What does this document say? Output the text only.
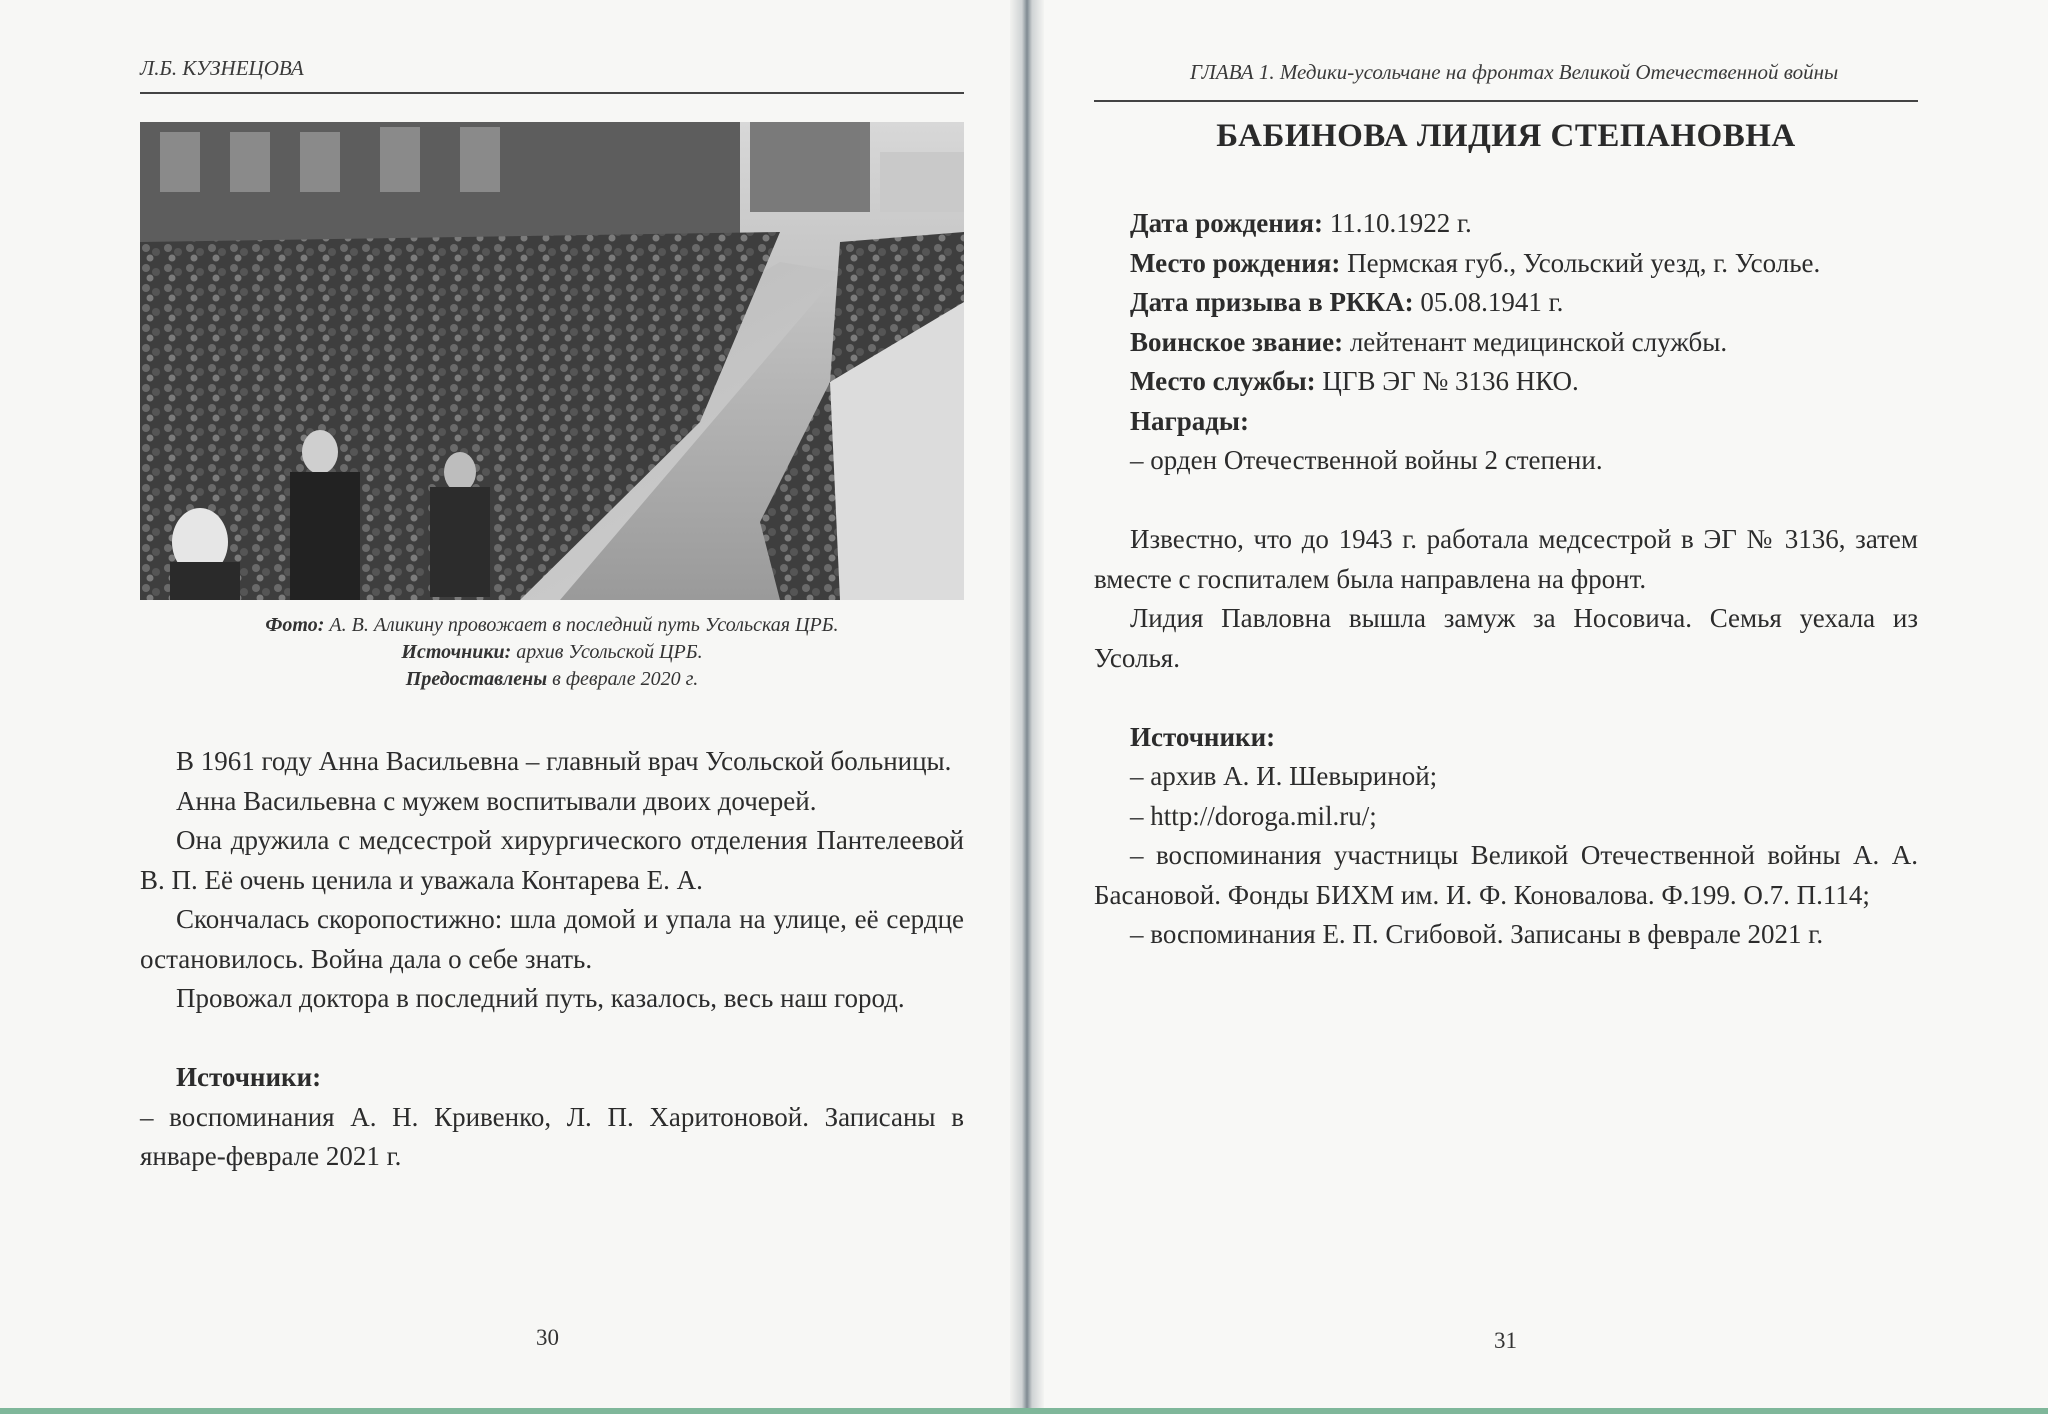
Л.Б. КУЗНЕЦОВА
Фото: А. В. Аликину провожает в последний путь Усольская ЦРБ.
Источники: архив Усольской ЦРБ.
Предоставлены в феврале 2020 г.

В 1961 году Анна Васильевна – главный врач Усольской больницы.

Анна Васильевна с мужем воспитывали двоих дочерей.

Она дружила с медсестрой хирургического отделения Пантелеевой В. П. Её очень ценила и уважала Контарева Е. А.

Скончалась скоропостижно: шла домой и упала на улице, её сердце остановилось. Война дала о себе знать.

Провожал доктора в последний путь, казалось, весь наш город.

Источники:

– воспоминания А. Н. Кривенко, Л. П. Харитоновой. Записаны в январе-феврале 2021 г.

30
ГЛАВА 1. Медики-усольчане на фронтах Великой Отечественной войны
БАБИНОВА ЛИДИЯ СТЕПАНОВНА

Дата рождения: 11.10.1922 г.

Место рождения: Пермская губ., Усольский уезд, г. Усолье.

Дата призыва в РККА: 05.08.1941 г.

Воинское звание: лейтенант медицинской службы.

Место службы: ЦГВ ЭГ № 3136 НКО.

Награды:

– орден Отечественной войны 2 степени.

Известно, что до 1943 г. работала медсестрой в ЭГ № 3136, затем вместе с госпиталем была направлена на фронт.

Лидия Павловна вышла замуж за Носовича. Семья уехала из Усолья.

Источники:

– архив А. И. Шевыриной;

– http://doroga.mil.ru/;

– воспоминания участницы Великой Отечественной войны А. А. Басановой. Фонды БИХМ им. И. Ф. Коновалова. Ф.199. О.7. П.114;

– воспоминания Е. П. Сгибовой. Записаны в феврале 2021 г.

31
